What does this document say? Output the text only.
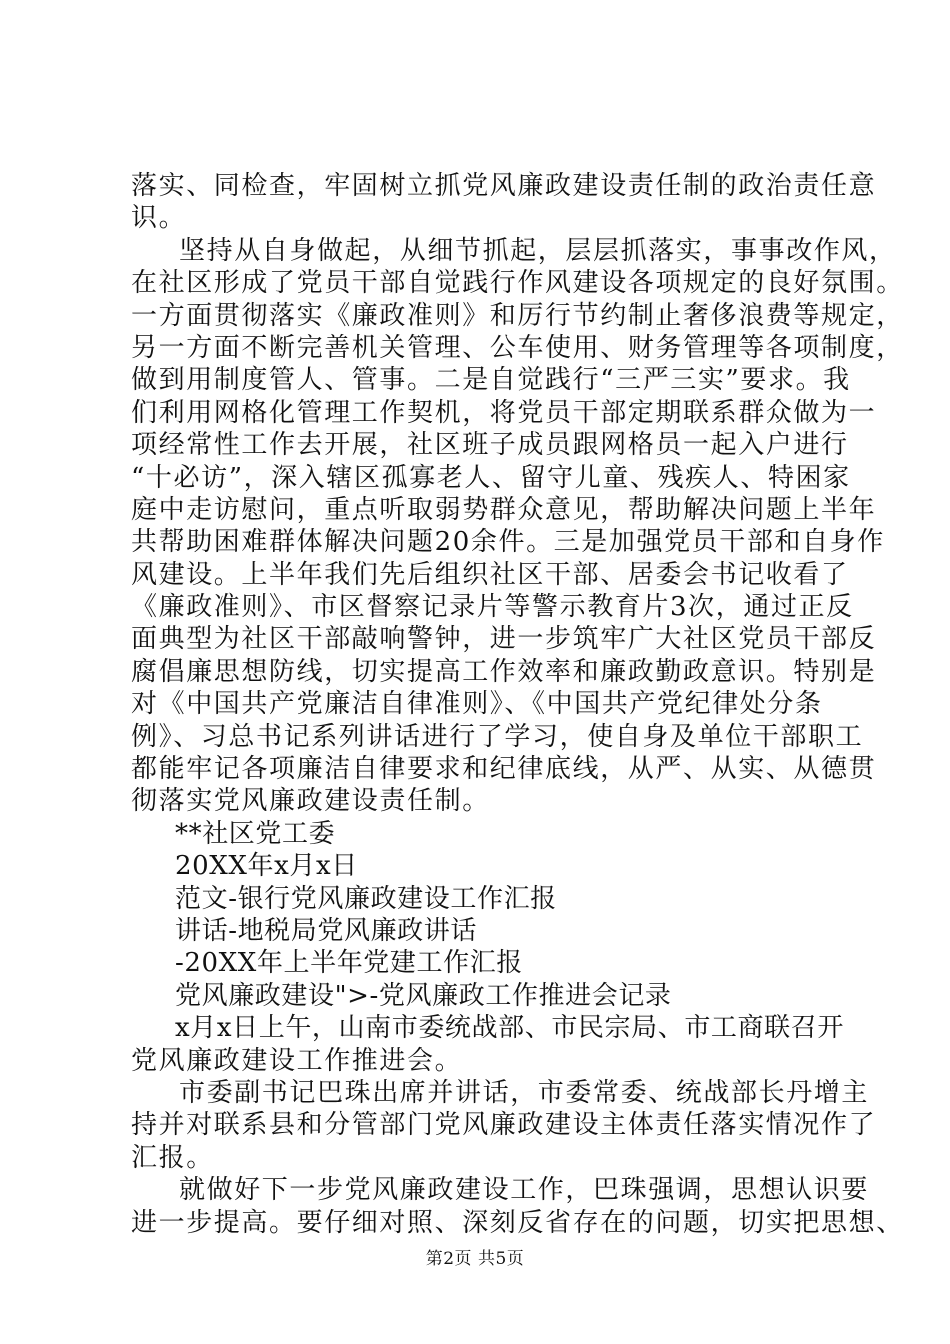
落实、同检查，牢固树立抓党风廉政建设责任制的政治责任意
识。
坚持从自身做起，从细节抓起，层层抓落实，事事改作风，
在社区形成了党员干部自觉践行作风建设各项规定的良好氛围。
一方面贯彻落实《廉政准则》和厉行节约制止奢侈浪费等规定，
另一方面不断完善机关管理、公车使用、财务管理等各项制度，
做到用制度管人、管事。二是自觉践行“三严三实”要求。我
们利用网格化管理工作契机，将党员干部定期联系群众做为一
项经常性工作去开展，社区班子成员跟网格员一起入户进行
“十必访”，深入辖区孤寡老人、留守儿童、残疾人、特困家
庭中走访慰问，重点听取弱势群众意见，帮助解决问题上半年
共帮助困难群体解决问题20余件。三是加强党员干部和自身作
风建设。上半年我们先后组织社区干部、居委会书记收看了
《廉政准则》、市区督察记录片等警示教育片3次，通过正反
面典型为社区干部敲响警钟，进一步筑牢广大社区党员干部反
腐倡廉思想防线，切实提高工作效率和廉政勤政意识。特别是
对《中国共产党廉洁自律准则》、《中国共产党纪律处分条
例》、习总书记系列讲话进行了学习，使自身及单位干部职工
都能牢记各项廉洁自律要求和纪律底线，从严、从实、从德贯
彻落实党风廉政建设责任制。
**社区党工委
20XX年x月x日
范文-银行党风廉政建设工作汇报
讲话-地税局党风廉政讲话
-20XX年上半年党建工作汇报
党风廉政建设">-党风廉政工作推进会记录
x月x日上午，山南市委统战部、市民宗局、市工商联召开
党风廉政建设工作推进会。
市委副书记巴珠出席并讲话，市委常委、统战部长丹增主
持并对联系县和分管部门党风廉政建设主体责任落实情况作了
汇报。
就做好下一步党风廉政建设工作，巴珠强调，思想认识要
进一步提高。要仔细对照、深刻反省存在的问题，切实把思想、
第2页 共5页
